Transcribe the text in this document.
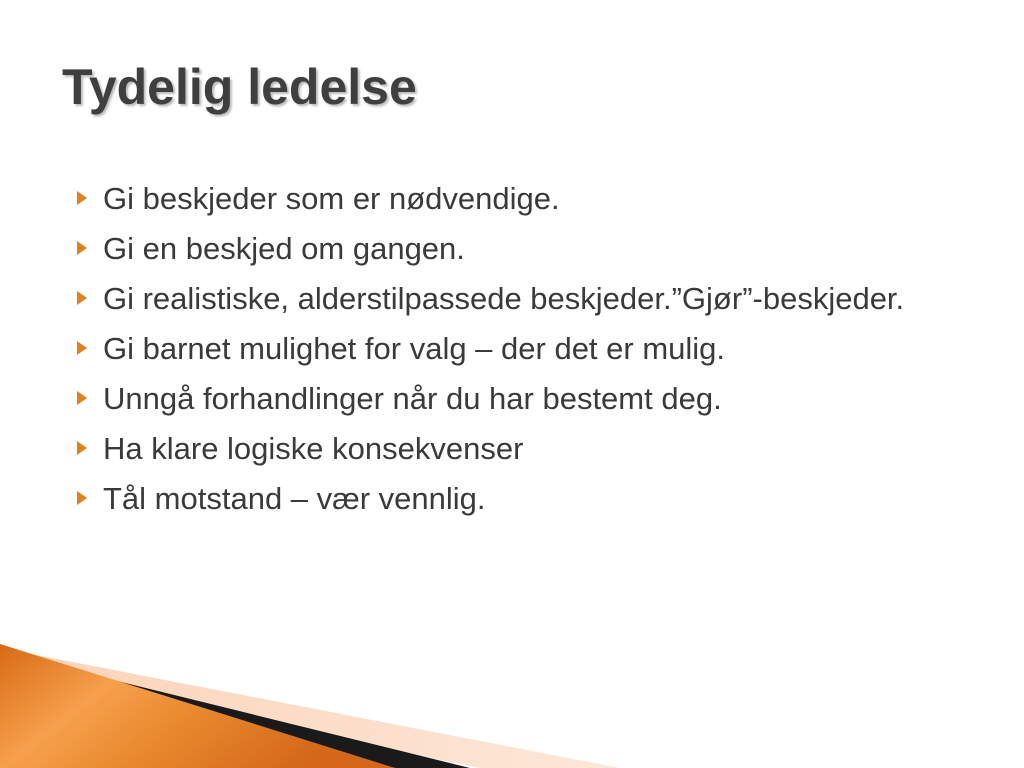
Tydelig ledelse
Gi beskjeder som er nødvendige.
Gi en beskjed om gangen.
Gi realistiske, alderstilpassede beskjeder.”Gjør”-beskjeder.
Gi barnet mulighet for valg – der det er mulig.
Unngå forhandlinger når du har bestemt deg.
Ha klare logiske konsekvenser
Tål motstand – vær vennlig.
